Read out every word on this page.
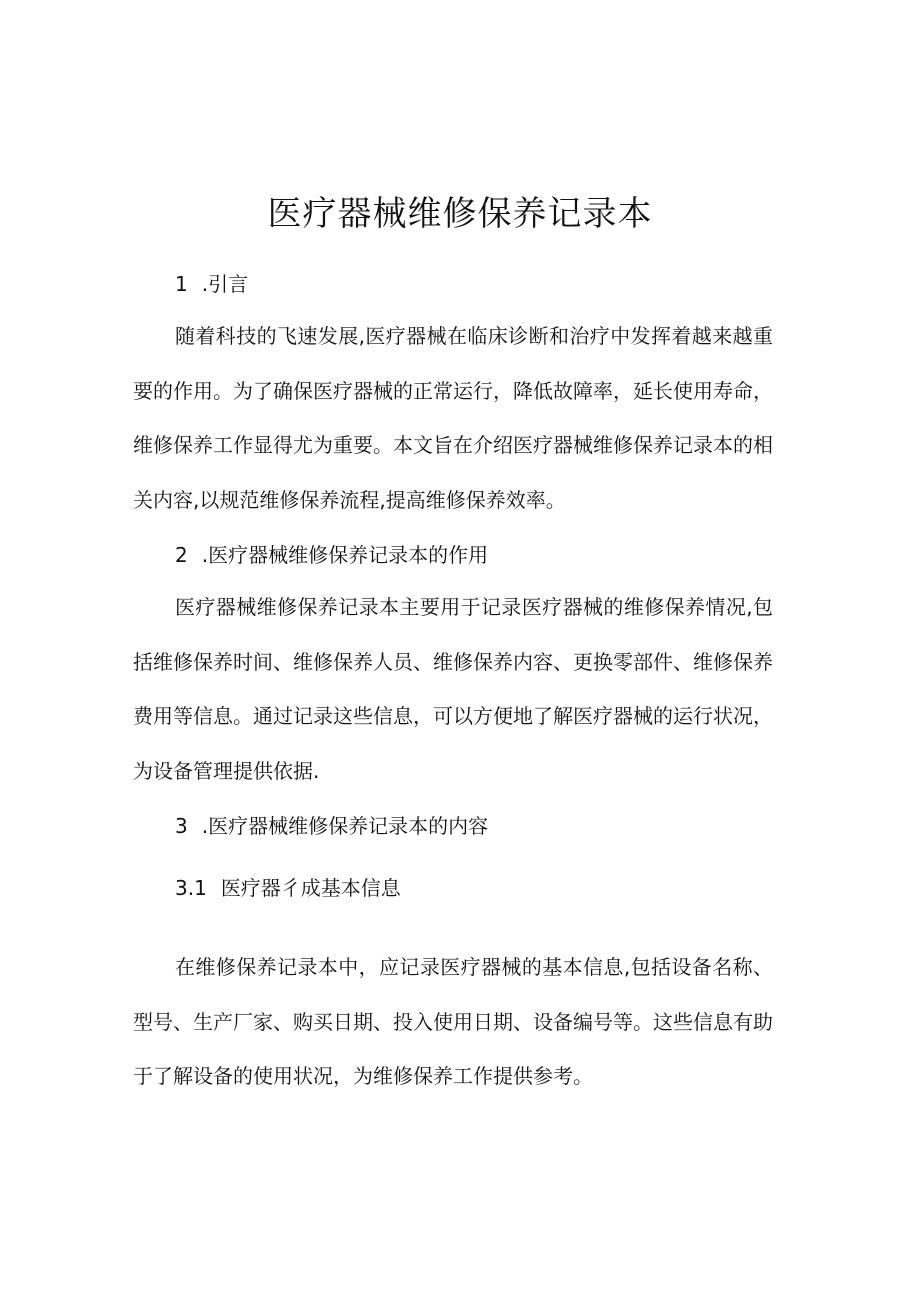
医疗器械维修保养记录本
1 .引言

随着科技的飞速发展,医疗器械在临床诊断和治疗中发挥着越来越重要的作用。为了确保医疗器械的正常运行，降低故障率，延长使用寿命，维修保养工作显得尤为重要。本文旨在介绍医疗器械维修保养记录本的相关内容,以规范维修保养流程,提高维修保养效率。

2 .医疗器械维修保养记录本的作用

医疗器械维修保养记录本主要用于记录医疗器械的维修保养情况,包括维修保养时间、维修保养人员、维修保养内容、更换零部件、维修保养费用等信息。通过记录这些信息，可以方便地了解医疗器械的运行状况，为设备管理提供依据.

3 .医疗器械维修保养记录本的内容
3.1 医疗器彳成基本信息

在维修保养记录本中，应记录医疗器械的基本信息,包括设备名称、型号、生产厂家、购买日期、投入使用日期、设备编号等。这些信息有助于了解设备的使用状况，为维修保养工作提供参考。
